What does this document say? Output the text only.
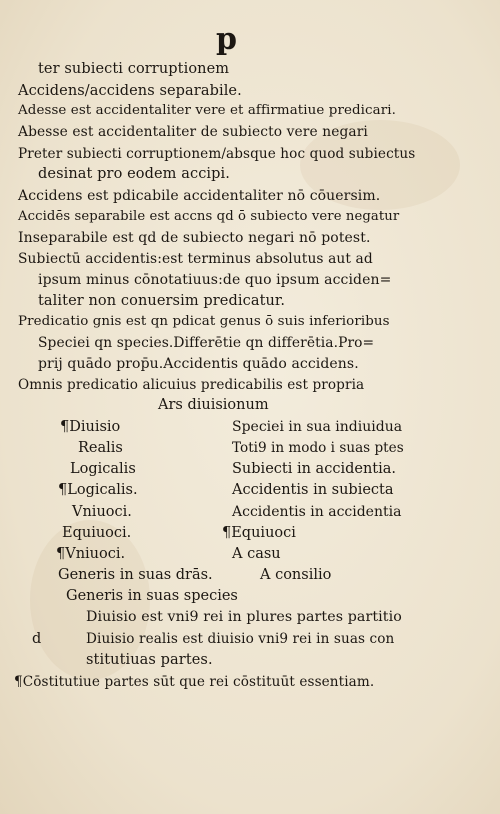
p
ter subiecti corruptionem
Accidens/accidens separabile.
Adesse est accidentaliter vere et affirmatiue predicari.
Abesse est accidentaliter de subiecto vere negari
Preter subiecti corruptionem/absque hoc quod subiectus
desinat pro eodem accipi.
Accidens est pdicabile accidentaliter nō cōuersim.
Accidēs separabile est accns qd ō subiecto vere negatur
Inseparabile est qd de subiecto negari nō potest.
Subiectū accidentis:est terminus absolutus aut ad
ipsum minus cōnotatiuus:de quo ipsum acciden=
taliter non conuersim predicatur.
Predicatio gnis est qn pdicat genus ō suis inferioribus
Speciei qn species.Differētie qn differētia.Pro=
prij quādo prop̄u.Accidentis quādo accidens.
Omnis predicatio alicuius predicabilis est propria
Ars diuisionum
¶Diuisio
Realis
Logicalis
¶Logicalis.
Vniuoci.
Equiuoci.
¶Vniuoci.
Speciei in sua indiuidua
Toti9 in modo i suas ptes
Subiecti in accidentia.
Accidentis in subiecta
Accidentis in accidentia
¶Equiuoci
A casu
Generis in suas drās.	A consilio
Generis in suas species
Diuisio est vni9 rei in plures partes partitio
d	Diuisio realis est diuisio vni9 rei in suas con
stitutiuas partes.
¶Cōstitutiue partes sūt que rei cōstituūt essentiam.
